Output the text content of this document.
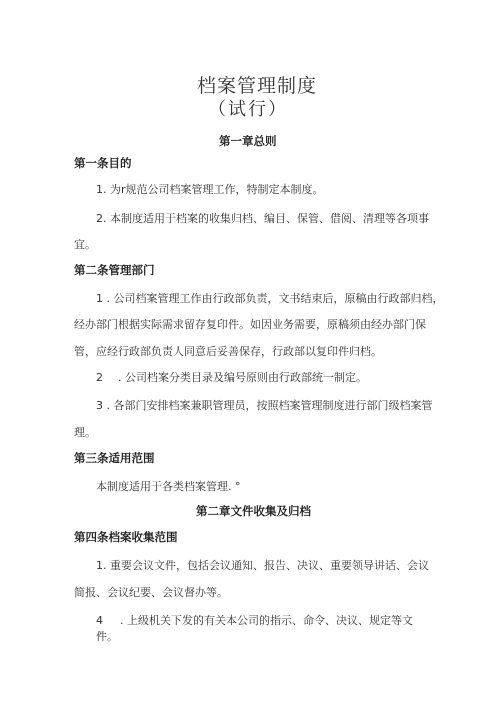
档案管理制度
（试行）
第一章总则
第一条目的
1. 为r规范公司档案管理工作，特制定本制度。
2. 本制度适用于档案的收集归档、编目、保管、借阅、清理等各项事
宜。
第二条管理部门
1 . 公司档案管理工作由行政部负责，文书结束后，原稿由行政部归档，
经办部门根据实际需求留存复印件。如因业务需要，原稿须由经办部门保
管，应经行政部负责人同意后妥善保存，行政部以复印件归档。
2 . 公司档案分类目录及编号原则由行政部统一制定。
3 . 各部门安排档案兼职管理员，按照档案管理制度进行部门级档案管
理。
第三条适用范围
本制度适用于各类档案管理. °
第二章文件收集及归档
第四条档案收集范围
1. 重要会议文件，包括会议通知、报告、决议、重要领导讲话、会议
简报、会议纪要、会议督办等。
4 . 上级机关下发的有关本公司的指示、命令、决议、规定等文
件。
